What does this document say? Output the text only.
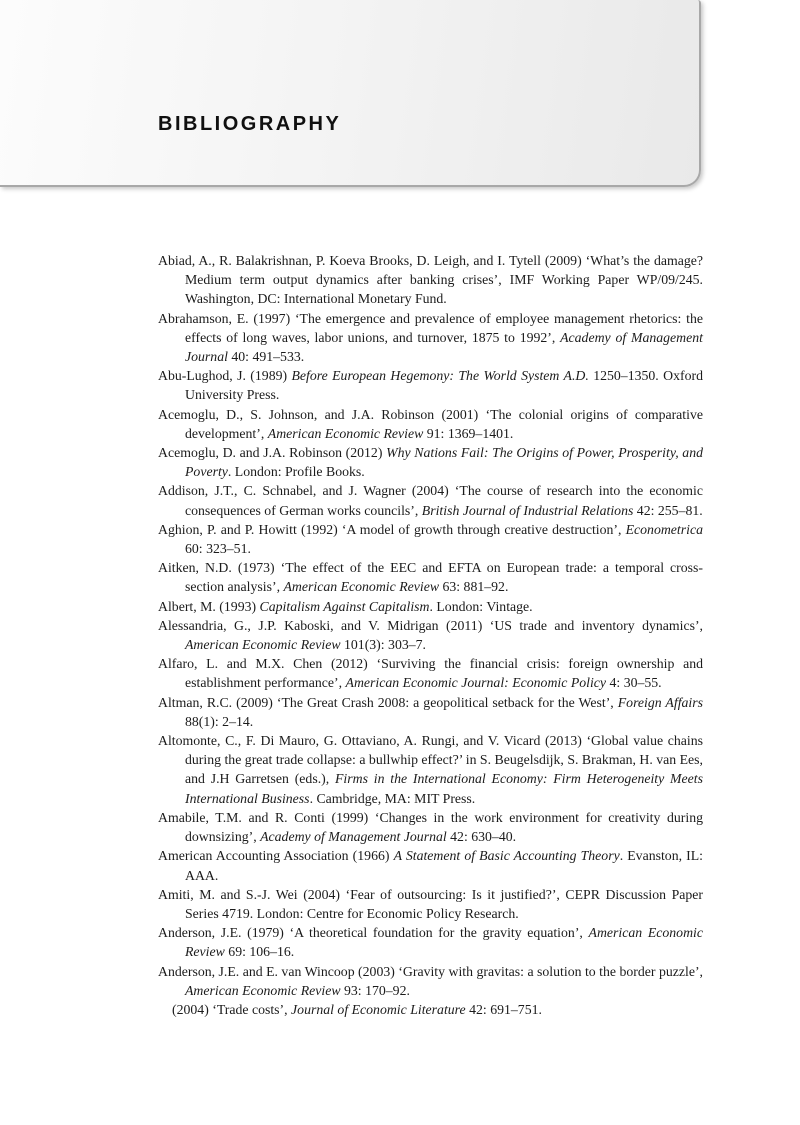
BIBLIOGRAPHY

Abiad, A., R. Balakrishnan, P. Koeva Brooks, D. Leigh, and I. Tytell (2009) ‘What’s the damage? Medium term output dynamics after banking crises’, IMF Working Paper WP/09/245. Washington, DC: International Monetary Fund.

Abrahamson, E. (1997) ‘The emergence and prevalence of employee management rhetorics: the effects of long waves, labor unions, and turnover, 1875 to 1992’, Academy of Management Journal 40: 491–533.

Abu-Lughod, J. (1989) Before European Hegemony: The World System A.D. 1250–1350. Oxford University Press.

Acemoglu, D., S. Johnson, and J.A. Robinson (2001) ‘The colonial origins of comparative development’, American Economic Review 91: 1369–1401.

Acemoglu, D. and J.A. Robinson (2012) Why Nations Fail: The Origins of Power, Prosperity, and Poverty. London: Profile Books.

Addison, J.T., C. Schnabel, and J. Wagner (2004) ‘The course of research into the economic consequences of German works councils’, British Journal of Industrial Relations 42: 255–81.

Aghion, P. and P. Howitt (1992) ‘A model of growth through creative destruction’, Econometrica 60: 323–51.

Aitken, N.D. (1973) ‘The effect of the EEC and EFTA on European trade: a temporal cross-section analysis’, American Economic Review 63: 881–92.

Albert, M. (1993) Capitalism Against Capitalism. London: Vintage.

Alessandria, G., J.P. Kaboski, and V. Midrigan (2011) ‘US trade and inventory dynamics’, American Economic Review 101(3): 303–7.

Alfaro, L. and M.X. Chen (2012) ‘Surviving the financial crisis: foreign ownership and establishment performance’, American Economic Journal: Economic Policy 4: 30–55.

Altman, R.C. (2009) ‘The Great Crash 2008: a geopolitical setback for the West’, Foreign Affairs 88(1): 2–14.

Altomonte, C., F. Di Mauro, G. Ottaviano, A. Rungi, and V. Vicard (2013) ‘Global value chains during the great trade collapse: a bullwhip effect?’ in S. Beugelsdijk, S. Brakman, H. van Ees, and J.H Garretsen (eds.), Firms in the International Economy: Firm Heterogeneity Meets International Business. Cambridge, MA: MIT Press.

Amabile, T.M. and R. Conti (1999) ‘Changes in the work environment for creativity during downsizing’, Academy of Management Journal 42: 630–40.

American Accounting Association (1966) A Statement of Basic Accounting Theory. Evanston, IL: AAA.

Amiti, M. and S.-J. Wei (2004) ‘Fear of outsourcing: Is it justified?’, CEPR Discussion Paper Series 4719. London: Centre for Economic Policy Research.

Anderson, J.E. (1979) ‘A theoretical foundation for the gravity equation’, American Economic Review 69: 106–16.

Anderson, J.E. and E. van Wincoop (2003) ‘Gravity with gravitas: a solution to the border puzzle’, American Economic Review 93: 170–92.

(2004) ‘Trade costs’, Journal of Economic Literature 42: 691–751.
